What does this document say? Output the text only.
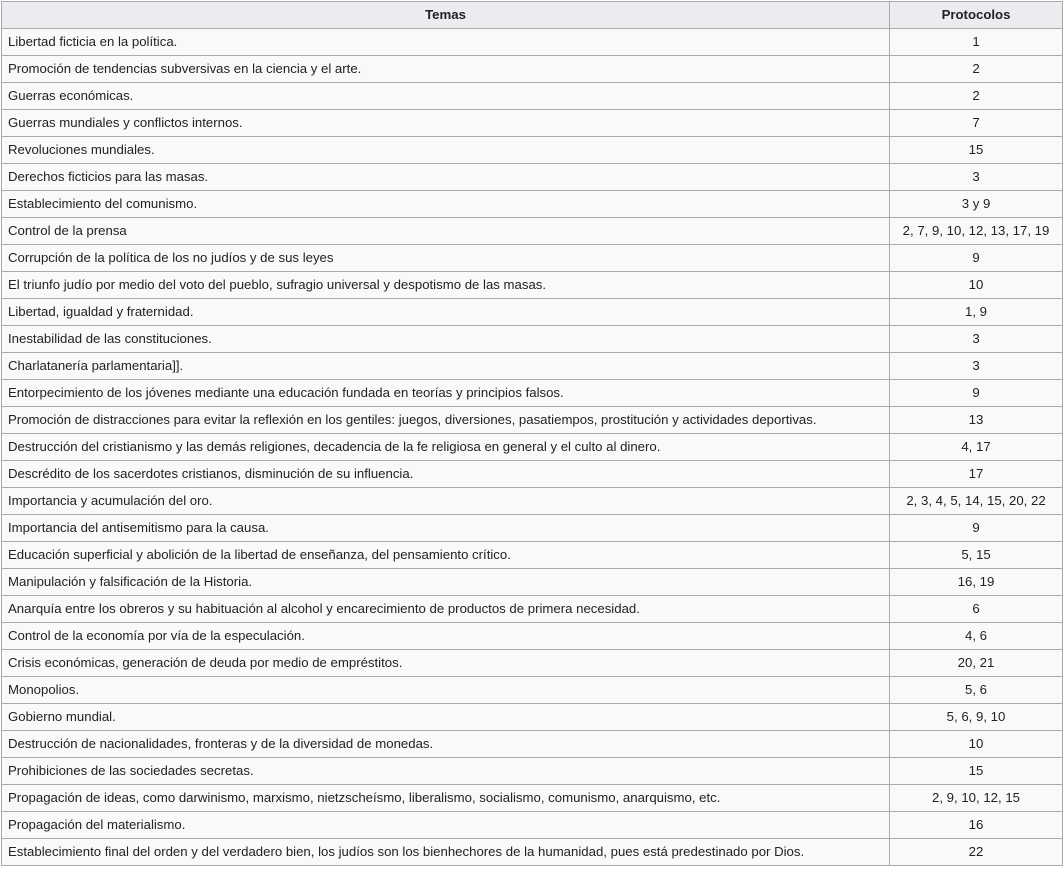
Temas	Protocolos
Libertad ficticia en la política.	1
Promoción de tendencias subversivas en la ciencia y el arte.	2
Guerras económicas.	2
Guerras mundiales y conflictos internos.	7
Revoluciones mundiales.	15
Derechos ficticios para las masas.	3
Establecimiento del comunismo.	3 y 9
Control de la prensa	2, 7, 9, 10, 12, 13, 17, 19
Corrupción de la política de los no judíos y de sus leyes	9
El triunfo judío por medio del voto del pueblo, sufragio universal y despotismo de las masas.	10
Libertad, igualdad y fraternidad.	1, 9
Inestabilidad de las constituciones.	3
Charlatanería parlamentaria]].	3
Entorpecimiento de los jóvenes mediante una educación fundada en teorías y principios falsos.	9
Promoción de distracciones para evitar la reflexión en los gentiles: juegos, diversiones, pasatiempos, prostitución y actividades deportivas.	13
Destrucción del cristianismo y las demás religiones, decadencia de la fe religiosa en general y el culto al dinero.	4, 17
Descrédito de los sacerdotes cristianos, disminución de su influencia.	17
Importancia y acumulación del oro.	2, 3, 4, 5, 14, 15, 20, 22
Importancia del antisemitismo para la causa.	9
Educación superficial y abolición de la libertad de enseñanza, del pensamiento crítico.	5, 15
Manipulación y falsificación de la Historia.	16, 19
Anarquía entre los obreros y su habituación al alcohol y encarecimiento de productos de primera necesidad.	6
Control de la economía por vía de la especulación.	4, 6
Crisis económicas, generación de deuda por medio de empréstitos.	20, 21
Monopolios.	5, 6
Gobierno mundial.	5, 6, 9, 10
Destrucción de nacionalidades, fronteras y de la diversidad de monedas.	10
Prohibiciones de las sociedades secretas.	15
Propagación de ideas, como darwinismo, marxismo, nietzscheísmo, liberalismo, socialismo, comunismo, anarquismo, etc.	2, 9, 10, 12, 15
Propagación del materialismo.	16
Establecimiento final del orden y del verdadero bien, los judíos son los bienhechores de la humanidad, pues está predestinado por Dios.	22
